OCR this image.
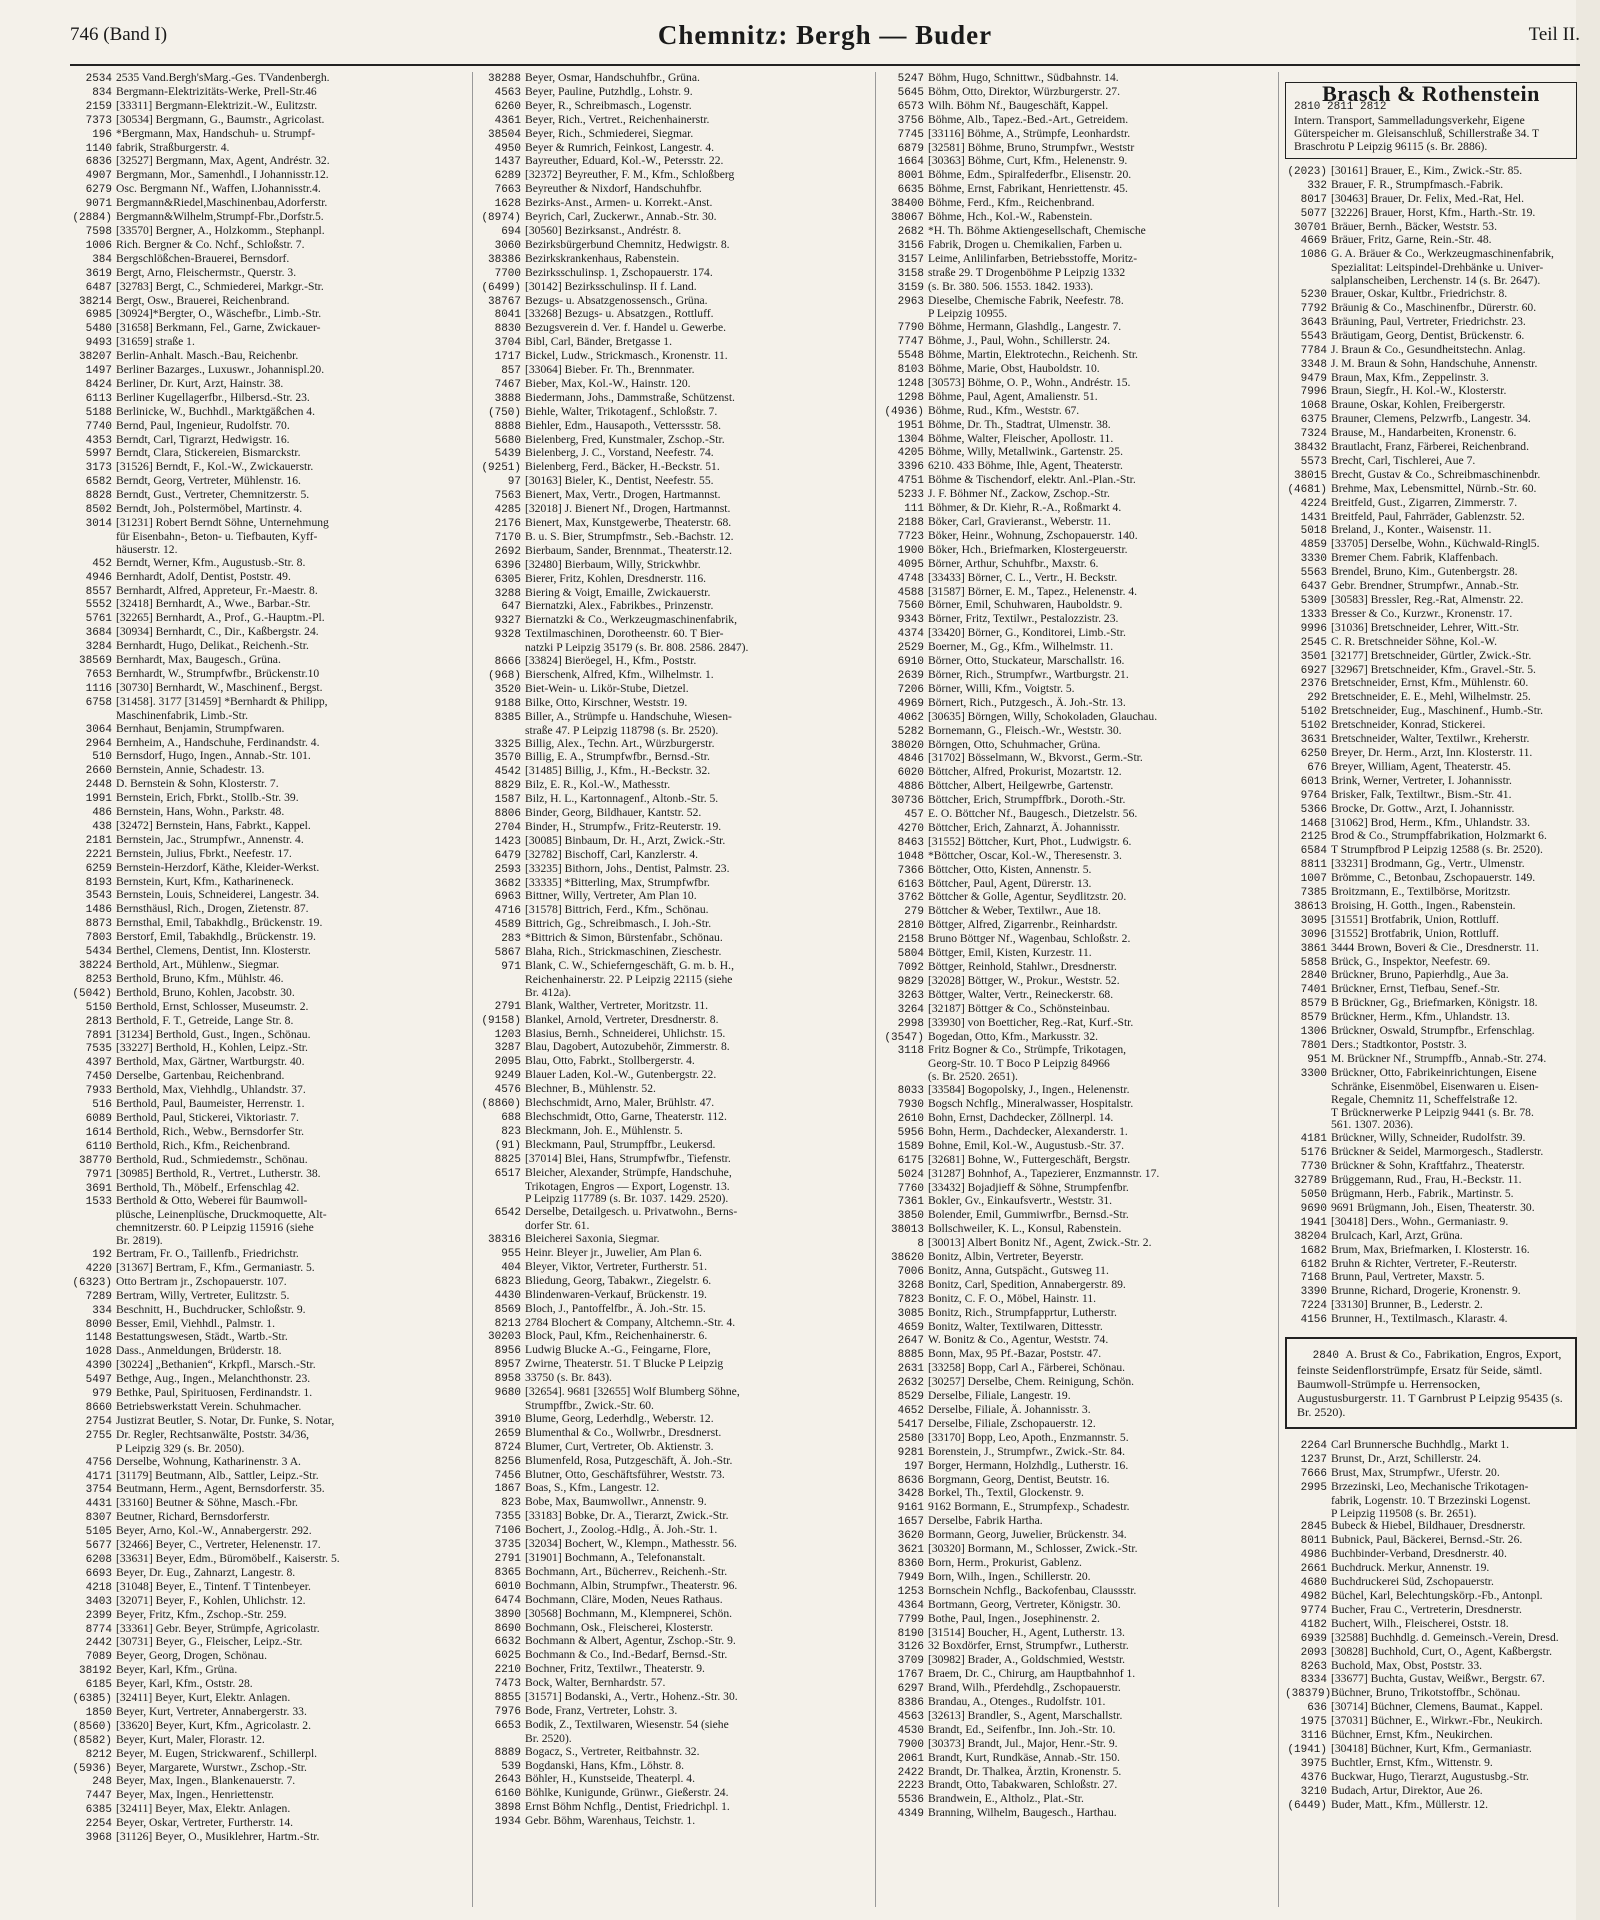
746 (Band I)	Chemnitz: Bergh — Buder	Teil II.
2534 2535 Vand.Bergh'sMarg.-Ges. TVandenbergh.
834 Bergmann-Elektrizitäts-Werke, Prell-Str.46
2159 [33311] Bergmann-Elektrizit.-W., Eulitzstr.
7373 [30534] Bergmann, G., Baumstr., Agricolast.
196 *Bergmann, Max, Handschuh- u. Strumpf-
1140 fabrik, Straßburgerstr. 4.
6836 [32527] Bergmann, Max, Agent, Andréstr. 32.
4907 Bergmann, Mor., Samenhdl., I Johannisstr.12.
6279 Osc. Bergmann Nf., Waffen, I.Johannisstr.4.
9071 Bergmann&Riedel,Maschinenbau,Adorferstr.
(2884) Bergmann&Wilhelm,Strumpf-Fbr.,Dorfstr.5.
7598 [33570] Bergner, A., Holzkomm., Stephanpl.
1006 Rich. Bergner & Co. Nchf., Schloßstr. 7.
384 Bergschlößchen-Brauerei, Bernsdorf.
3619 Bergt, Arno, Fleischermstr., Querstr. 3.
6487 [32783] Bergt, C., Schmiederei, Markgr.-Str.
38214 Bergt, Osw., Brauerei, Reichenbrand.
6985 [30924]*Bergter, O., Wäschefbr., Limb.-Str.
5480 [31658] Berkmann, Fel., Garne, Zwickauer-
9493 [31659] straße 1.
38207 Berlin-Anhalt. Masch.-Bau, Reichenbr.
1497 Berliner Bazarges., Luxuswr., Johannispl.20.
8424 Berliner, Dr. Kurt, Arzt, Hainstr. 38.
6113 Berliner Kugellagerfbr., Hilbersd.-Str. 23.
5188 Berlinicke, W., Buchhdl., Marktgäßchen 4.
7740 Bernd, Paul, Ingenieur, Rudolfstr. 70.
4353 Berndt, Carl, Tigrarzt, Hedwigstr. 16.
5997 Berndt, Clara, Stickereien, Bismarckstr.
3173 [31526] Berndt, F., Kol.-W., Zwickauerstr.
6582 Berndt, Georg, Vertreter, Mühlenstr. 16.
8828 Berndt, Gust., Vertreter, Chemnitzerstr. 5.
8502 Berndt, Joh., Polstermöbel, Martinstr. 4.
3014 [31231] Robert Berndt Söhne, Unternehmung
für Eisenbahn-, Beton- u. Tiefbauten, Kyff-
häuserstr. 12.
452 Berndt, Werner, Kfm., Augustusb.-Str. 8.
4946 Bernhardt, Adolf, Dentist, Poststr. 49.
8557 Bernhardt, Alfred, Appreteur, Fr.-Maestr. 8.
5552 [32418] Bernhardt, A., Wwe., Barbar.-Str.
5761 [32265] Bernhardt, A., Prof., G.-Hauptm.-Pl.
3684 [30934] Bernhardt, C., Dir., Kaßbergstr. 24.
3284 Bernhardt, Hugo, Delikat., Reichenh.-Str.
38569 Bernhardt, Max, Baugesch., Grüna.
7653 Bernhardt, W., Strumpfwfbr., Brückenstr.10
1116 [30730] Bernhardt, W., Maschinenf., Bergst.
6758 [31458]. 3177 [31459] *Bernhardt & Philipp,
Maschinenfabrik, Limb.-Str.
3064 Bernhaut, Benjamin, Strumpfwaren.
2964 Bernheim, A., Handschuhe, Ferdinandstr. 4.
510 Bernsdorf, Hugo, Ingen., Annab.-Str. 101.
2660 Bernstein, Annie, Schadestr. 13.
2448 D. Bernstein & Sohn, Klosterstr. 7.
1991 Bernstein, Erich, Fbrkt., Stollb.-Str. 39.
486 Bernstein, Hans, Wohn., Parkstr. 48.
438 [32472] Bernstein, Hans, Fabrkt., Kappel.
2181 Bernstein, Jac., Strumpfwr., Annenstr. 4.
2221 Bernstein, Julius, Fbrkt., Neefestr. 17.
6259 Bernstein-Herzdorf, Käthe, Kleider-Werkst.
8193 Bernstein, Kurt, Kfm., Katharineneck.
3543 Bernstein, Louis, Schneiderei, Langestr. 34.
1486 Bernsthäusl, Rich., Drogen, Zietenstr. 87.
8873 Bernsthal, Emil, Tabakhdlg., Brückenstr. 19.
7803 Berstorf, Emil, Tabakhdlg., Brückenstr. 19.
5434 Berthel, Clemens, Dentist, Inn. Klosterstr.
38224 Berthold, Art., Mühlenw., Siegmar.
8253 Berthold, Bruno, Kfm., Mühlstr. 46.
(5042) Berthold, Bruno, Kohlen, Jacobstr. 30.
5150 Berthold, Ernst, Schlosser, Museumstr. 2.
2813 Berthold, F. T., Getreide, Lange Str. 8.
7891 [31234] Berthold, Gust., Ingen., Schönau.
7535 [33227] Berthold, H., Kohlen, Leipz.-Str.
4397 Berthold, Max, Gärtner, Wartburgstr. 40.
7450 Derselbe, Gartenbau, Reichenbrand.
7933 Berthold, Max, Viehhdlg., Uhlandstr. 37.
516 Berthold, Paul, Baumeister, Herrenstr. 1.
6089 Berthold, Paul, Stickerei, Viktoriastr. 7.
1614 Berthold, Rich., Webw., Bernsdorfer Str.
6110 Berthold, Rich., Kfm., Reichenbrand.
38770 Berthold, Rud., Schmiedemstr., Schönau.
7971 [30985] Berthold, R., Vertret., Lutherstr. 38.
3691 Berthold, Th., Möbelf., Erfenschlag 42.
1533 Berthold & Otto, Weberei für Baumwoll-
plüsche, Leinenplüsche, Druckmoquette, Alt-
chemnitzerstr. 60. P Leipzig 115916 (siehe
Br. 2819).
192 Bertram, Fr. O., Taillenfb., Friedrichstr.
4220 [31367] Bertram, F., Kfm., Germaniastr. 5.
(6323) Otto Bertram jr., Zschopauerstr. 107.
7289 Bertram, Willy, Vertreter, Eulitzstr. 5.
334 Beschnitt, H., Buchdrucker, Schloßstr. 9.
8090 Besser, Emil, Viehhdl., Palmstr. 1.
1148 Bestattungswesen, Städt., Wartb.-Str.
1028 Dass., Anmeldungen, Brüderstr. 18.
4390 [30224] „Bethanien“, Krkpfl., Marsch.-Str.
5497 Bethge, Aug., Ingen., Melanchthonstr. 23.
979 Bethke, Paul, Spirituosen, Ferdinandstr. 1.
8660 Betriebswerkstatt Verein. Schuhmacher.
2754 Justizrat Beutler, S. Notar, Dr. Funke, S. Notar,
2755 Dr. Regler, Rechtsanwälte, Poststr. 34/36,
P Leipzig 329 (s. Br. 2050).
4756 Derselbe, Wohnung, Katharinenstr. 3 A.
4171 [31179] Beutmann, Alb., Sattler, Leipz.-Str.
3754 Beutmann, Herm., Agent, Bernsdorferstr. 35.
4431 [33160] Beutner & Söhne, Masch.-Fbr.
8307 Beutner, Richard, Bernsdorferstr.
5105 Beyer, Arno, Kol.-W., Annabergerstr. 292.
5677 [32466] Beyer, C., Vertreter, Helenenstr. 17.
6208 [33631] Beyer, Edm., Büromöbelf., Kaiserstr. 5.
6693 Beyer, Dr. Eug., Zahnarzt, Langestr. 8.
4218 [31048] Beyer, E., Tintenf. T Tintenbeyer.
3403 [32071] Beyer, F., Kohlen, Uhlichstr. 12.
2399 Beyer, Fritz, Kfm., Zschop.-Str. 259.
8774 [33361] Gebr. Beyer, Strümpfe, Agricolastr.
2442 [30731] Beyer, G., Fleischer, Leipz.-Str.
7089 Beyer, Georg, Drogen, Schönau.
38192 Beyer, Karl, Kfm., Grüna.
6185 Beyer, Karl, Kfm., Oststr. 28.
(6385) [32411] Beyer, Kurt, Elektr. Anlagen.
1850 Beyer, Kurt, Vertreter, Annabergerstr. 33.
(8560) [33620] Beyer, Kurt, Kfm., Agricolastr. 2.
(8582) Beyer, Kurt, Maler, Florastr. 12.
8212 Beyer, M. Eugen, Strickwarenf., Schillerpl.
(5936) Beyer, Margarete, Wurstwr., Zschop.-Str.
248 Beyer, Max, Ingen., Blankenauerstr. 7.
7447 Beyer, Max, Ingen., Henriettenstr.
6385 [32411] Beyer, Max, Elektr. Anlagen.
2254 Beyer, Oskar, Vertreter, Furtherstr. 14.
3968 [31126] Beyer, O., Musiklehrer, Hartm.-Str.
38288 Beyer, Osmar, Handschuhfbr., Grüna.
4563 Beyer, Pauline, Putzhdlg., Lohstr. 9.
6260 Beyer, R., Schreibmasch., Logenstr.
4361 Beyer, Rich., Vertret., Reichenhainerstr.
38504 Beyer, Rich., Schmiederei, Siegmar.
4950 Beyer & Rumrich, Feinkost, Langestr. 4.
1437 Bayreuther, Eduard, Kol.-W., Petersstr. 22.
6289 [32372] Beyreuther, F. M., Kfm., Schloßberg
7663 Beyreuther & Nixdorf, Handschuhfbr.
1628 Bezirks-Anst., Armen- u. Korrekt.-Anst.
(8974) Beyrich, Carl, Zuckerwr., Annab.-Str. 30.
694 [30560] Bezirksanst., Andréstr. 8.
3060 Bezirksbürgerbund Chemnitz, Hedwigstr. 8.
38386 Bezirkskrankenhaus, Rabenstein.
7700 Bezirksschulinsp. 1, Zschopauerstr. 174.
(6499) [30142] Bezirksschulinsp. II f. Land.
38767 Bezugs- u. Absatzgenossensch., Grüna.
8041 [33268] Bezugs- u. Absatzgen., Rottluff.
8830 Bezugsverein d. Ver. f. Handel u. Gewerbe.
3704 Bibl, Carl, Bänder, Bretgasse 1.
1717 Bickel, Ludw., Strickmasch., Kronenstr. 11.
857 [33064] Bieber. Fr. Th., Brennmater.
7467 Bieber, Max, Kol.-W., Hainstr. 120.
3888 Biedermann, Johs., Dammstraße, Schützenst.
(750) Biehle, Walter, Trikotagenf., Schloßstr. 7.
8888 Biehler, Edm., Hausapoth., Vetterssstr. 58.
5680 Bielenberg, Fred, Kunstmaler, Zschop.-Str.
5439 Bielenberg, J. C., Vorstand, Neefestr. 74.
(9251) Bielenberg, Ferd., Bäcker, H.-Beckstr. 51.
97 [30163] Bieler, K., Dentist, Neefestr. 55.
7563 Bienert, Max, Vertr., Drogen, Hartmannst.
4285 [32018] J. Bienert Nf., Drogen, Hartmannst.
2176 Bienert, Max, Kunstgewerbe, Theaterstr. 68.
7170 B. u. S. Bier, Strumpfmstr., Seb.-Bachstr. 12.
2692 Bierbaum, Sander, Brennmat., Theaterstr.12.
6396 [32480] Bierbaum, Willy, Strickwhbr.
6305 Bierer, Fritz, Kohlen, Dresdnerstr. 116.
3288 Biering & Voigt, Emaille, Zwickauerstr.
647 Biernatzki, Alex., Fabrikbes., Prinzenstr.
9327 Biernatzki & Co., Werkzeugmaschinenfabrik,
9328 Textilmaschinen, Dorotheenstr. 60. T Bier-
natzki P Leipzig 35179 (s. Br. 808. 2586. 2847).
8666 [33824] Bieröegel, H., Kfm., Poststr.
(968) Bierschenk, Alfred, Kfm., Wilhelmstr. 1.
3520 Biet-Wein- u. Likör-Stube, Dietzel.
9188 Bilke, Otto, Kirschner, Weststr. 19.
8385 Biller, A., Strümpfe u. Handschuhe, Wiesen-
straße 47. P Leipzig 118798 (s. Br. 2520).
3325 Billig, Alex., Techn. Art., Würzburgerstr.
3570 Billig, E. A., Strumpfwfbr., Bernsd.-Str.
4542 [31485] Billig, J., Kfm., H.-Beckstr. 32.
8829 Bilz, E. R., Kol.-W., Mathesstr.
1587 Bilz, H. L., Kartonnagenf., Altonb.-Str. 5.
8806 Binder, Georg, Bildhauer, Kantstr. 52.
2704 Binder, H., Strumpfw., Fritz-Reuterstr. 19.
1423 [30085] Binbaum, Dr. H., Arzt, Zwick.-Str.
6479 [32782] Bischoff, Carl, Kanzlerstr. 4.
2593 [33235] Bithorn, Johs., Dentist, Palmstr. 23.
3682 [33335] *Bitterling, Max, Strumpfwfbr.
6963 Bittner, Willy, Vertreter, Am Plan 10.
4716 [31578] Bittrich, Ferd., Kfm., Schönau.
4589 Bittrich, Gg., Schreibmasch., I. Joh.-Str.
283 *Bittrich & Simon, Bürstenfabr., Schönau.
5867 Blaha, Rich., Strickmaschinen, Zieschestr.
971 Blank, C. W., Schieferngeschäft, G. m. b. H.,
Reichenhainerstr. 22. P Leipzig 22115 (siehe
Br. 412a).
2791 Blank, Walther, Vertreter, Moritzstr. 11.
(9158) Blankel, Arnold, Vertreter, Dresdnerstr. 8.
1203 Blasius, Bernh., Schneiderei, Uhlichstr. 15.
3287 Blau, Dagobert, Autozubehör, Zimmerstr. 8.
2095 Blau, Otto, Fabrkt., Stollbergerstr. 4.
9249 Blauer Laden, Kol.-W., Gutenbergstr. 22.
4576 Blechner, B., Mühlenstr. 52.
(8860) Blechschmidt, Arno, Maler, Brühlstr. 47.
688 Blechschmidt, Otto, Garne, Theaterstr. 112.
823 Bleckmann, Joh. E., Mühlenstr. 5.
(91) Bleckmann, Paul, Strumpffbr., Leukersd.
8825 [37014] Blei, Hans, Strumpfwfbr., Tiefenstr.
6517 Bleicher, Alexander, Strümpfe, Handschuhe,
Trikotagen, Engros — Export, Logenstr. 13.
P Leipzig 117789 (s. Br. 1037. 1429. 2520).
6542 Derselbe, Detailgesch. u. Privatwohn., Berns-
dorfer Str. 61.
38316 Bleicherei Saxonia, Siegmar.
955 Heinr. Bleyer jr., Juwelier, Am Plan 6.
404 Bleyer, Viktor, Vertreter, Furtherstr. 51.
6823 Bliedung, Georg, Tabakwr., Ziegelstr. 6.
4430 Blindenwaren-Verkauf, Brückenstr. 19.
8569 Bloch, J., Pantoffelfbr., Ä. Joh.-Str. 15.
8213 2784 Blochert & Company, Altchemn.-Str. 4.
30203 Block, Paul, Kfm., Reichenhainerstr. 6.
8956 Ludwig Blucke A.-G., Feingarne, Flore,
8957 Zwirne, Theaterstr. 51. T Blucke P Leipzig
8958 33750 (s. Br. 843).
9680 [32654]. 9681 [32655] Wolf Blumberg Söhne,
Strumpffbr., Zwick.-Str. 60.
3910 Blume, Georg, Lederhdlg., Weberstr. 12.
2659 Blumenthal & Co., Wollwrbr., Dresdnerst.
8724 Blumer, Curt, Vertreter, Ob. Aktienstr. 3.
8256 Blumenfeld, Rosa, Putzgeschäft, Ä. Joh.-Str.
7456 Blutner, Otto, Geschäftsführer, Weststr. 73.
1867 Boas, S., Kfm., Langestr. 12.
823 Bobe, Max, Baumwollwr., Annenstr. 9.
7355 [33183] Bobke, Dr. A., Tierarzt, Zwick.-Str.
7106 Bochert, J., Zoolog.-Hdlg., Ä. Joh.-Str. 1.
3735 [32034] Bochert, W., Klempn., Mathesstr. 56.
2791 [31901] Bochmann, A., Telefonanstalt.
8365 Bochmann, Art., Bücherrev., Reichenh.-Str.
6010 Bochmann, Albin, Strumpfwr., Theaterstr. 96.
6474 Bochmann, Cläre, Moden, Neues Rathaus.
3890 [30568] Bochmann, M., Klempnerei, Schön.
8690 Bochmann, Osk., Fleischerei, Klosterstr.
6632 Bochmann & Albert, Agentur, Zschop.-Str. 9.
6025 Bochmann & Co., Ind.-Bedarf, Bernsd.-Str.
2210 Bochner, Fritz, Textilwr., Theaterstr. 9.
7473 Bock, Walter, Bernhardstr. 57.
8855 [31571] Bodanski, A., Vertr., Hohenz.-Str. 30.
7976 Bode, Franz, Vertreter, Lohstr. 3.
6653 Bodik, Z., Textilwaren, Wiesenstr. 54 (siehe
Br. 2520).
8889 Bogacz, S., Vertreter, Reitbahnstr. 32.
539 Bogdanski, Hans, Kfm., Löhstr. 8.
2643 Böhler, H., Kunstseide, Theaterpl. 4.
6160 Böhlke, Kunigunde, Grünwr., Gießerstr. 24.
3898 Ernst Böhm Nchflg., Dentist, Friedrichpl. 1.
1934 Gebr. Böhm, Warenhaus, Teichstr. 1.
5247 Böhm, Hugo, Schnittwr., Südbahnstr. 14.
5645 Böhm, Otto, Direktor, Würzburgerstr. 27.
6573 Wilh. Böhm Nf., Baugeschäft, Kappel.
3756 Böhme, Alb., Tapez.-Bed.-Art., Getreidem.
7745 [33116] Böhme, A., Strümpfe, Leonhardstr.
6879 [32581] Böhme, Bruno, Strumpfwr., Weststr
1664 [30363] Böhme, Curt, Kfm., Helenenstr. 9.
8001 Böhme, Edm., Spiralfederfbr., Elisenstr. 20.
6635 Böhme, Ernst, Fabrikant, Henriettenstr. 45.
38400 Böhme, Ferd., Kfm., Reichenbrand.
38067 Böhme, Hch., Kol.-W., Rabenstein.
2682 *H. Th. Böhme Aktiengesellschaft, Chemische
3156 Fabrik, Drogen u. Chemikalien, Farben u.
3157 Leime, Anlilinfarben, Betriebsstoffe, Moritz-
3158 straße 29. T Drogenböhme P Leipzig 1332
3159 (s. Br. 380. 506. 1553. 1842. 1933).
2963 Dieselbe, Chemische Fabrik, Neefestr. 78.
P Leipzig 10955.
7790 Böhme, Hermann, Glashdlg., Langestr. 7.
7747 Böhme, J., Paul, Wohn., Schillerstr. 24.
5548 Böhme, Martin, Elektrotechn., Reichenh. Str.
8103 Böhme, Marie, Obst, Hauboldstr. 10.
1248 [30573] Böhme, O. P., Wohn., Andréstr. 15.
1298 Böhme, Paul, Agent, Amalienstr. 51.
(4936) Böhme, Rud., Kfm., Weststr. 67.
1951 Böhme, Dr. Th., Stadtrat, Ulmenstr. 38.
1304 Böhme, Walter, Fleischer, Apollostr. 11.
4205 Böhme, Willy, Metallwink., Gartenstr. 25.
3396 6210. 433 Böhme, Ihle, Agent, Theaterstr.
4751 Böhme & Tischendorf, elektr. Anl.-Plan.-Str.
5233 J. F. Böhmer Nf., Zackow, Zschop.-Str.
111 Böhmer, & Dr. Kiehr, R.-A., Roßmarkt 4.
2188 Böker, Carl, Gravieranst., Weberstr. 11.
7723 Böker, Heinr., Wohnung, Zschopauerstr. 140.
1900 Böker, Hch., Briefmarken, Klostergeuerstr.
4095 Börner, Arthur, Schuhfbr., Maxstr. 6.
4748 [33433] Börner, C. L., Vertr., H. Beckstr.
4588 [31587] Börner, E. M., Tapez., Helenenstr. 4.
7560 Börner, Emil, Schuhwaren, Hauboldstr. 9.
9343 Börner, Fritz, Textilwr., Pestalozzistr. 23.
4374 [33420] Börner, G., Konditorei, Limb.-Str.
2529 Boerner, M., Gg., Kfm., Wilhelmstr. 11.
6910 Börner, Otto, Stuckateur, Marschallstr. 16.
2639 Börner, Rich., Strumpfwr., Wartburgstr. 21.
7206 Börner, Willi, Kfm., Voigtstr. 5.
4969 Börnert, Rich., Putzgesch., Ä. Joh.-Str. 13.
4062 [30635] Börngen, Willy, Schokoladen, Glauchau.
5282 Bornemann, G., Fleisch.-Wr., Weststr. 30.
38020 Börngen, Otto, Schuhmacher, Grüna.
4846 [31702] Bösselmann, W., Bkvorst., Germ.-Str.
6020 Böttcher, Alfred, Prokurist, Mozartstr. 12.
4886 Böttcher, Albert, Heilgewrbe, Gartenstr.
30736 Böttcher, Erich, Strumpffbrk., Doroth.-Str.
457 E. O. Böttcher Nf., Baugesch., Dietzelstr. 56.
4270 Böttcher, Erich, Zahnarzt, Ä. Johannisstr.
8463 [31552] Böttcher, Kurt, Phot., Ludwigstr. 6.
1048 *Böttcher, Oscar, Kol.-W., Theresenstr. 3.
7366 Böttcher, Otto, Kisten, Annenstr. 5.
6163 Böttcher, Paul, Agent, Dürerstr. 13.
3762 Böttcher & Golle, Agentur, Seydlitzstr. 20.
279 Böttcher & Weber, Textilwr., Aue 18.
2810 Böttger, Alfred, Zigarrenbr., Reinhardstr.
2158 Bruno Böttger Nf., Wagenbau, Schloßstr. 2.
5804 Böttger, Emil, Kisten, Kurzestr. 11.
7092 Böttger, Reinhold, Stahlwr., Dresdnerstr.
9829 [32028] Böttger, W., Prokur., Weststr. 52.
3263 Böttger, Walter, Vertr., Reineckerstr. 68.
3264 [32187] Böttger & Co., Schönsteinbau.
2998 [33930] von Boetticher, Reg.-Rat, Kurf.-Str.
(3547) Bogedan, Otto, Kfm., Markusstr. 32.
3118 Fritz Bogner & Co., Strümpfe, Trikotagen,
Georg-Str. 10. T Boco P Leipzig 84966
(s. Br. 2520. 2651).
8033 [33584] Bogopolsky, J., Ingen., Helenenstr.
7930 Bogsch Nchflg., Mineralwasser, Hospitalstr.
2610 Bohn, Ernst, Dachdecker, Zöllnerpl. 14.
5956 Bohn, Herm., Dachdecker, Alexanderstr. 1.
1589 Bohne, Emil, Kol.-W., Augustusb.-Str. 37.
6175 [32681] Bohne, W., Futtergeschäft, Bergstr.
5024 [31287] Bohnhof, A., Tapezierer, Enzmannstr. 17.
7760 [33432] Bojadjieff & Söhne, Strumpfenfbr.
7361 Bokler, Gv., Einkaufsvertr., Weststr. 31.
3850 Bolender, Emil, Gummiwrfbr., Bernsd.-Str.
38013 Bollschweiler, K. L., Konsul, Rabenstein.
8 [30013] Albert Bonitz Nf., Agent, Zwick.-Str. 2.
38620 Bonitz, Albin, Vertreter, Beyerstr.
7006 Bonitz, Anna, Gutspächt., Gutsweg 11.
3268 Bonitz, Carl, Spedition, Annabergerstr. 89.
7823 Bonitz, C. F. O., Möbel, Hainstr. 11.
3085 Bonitz, Rich., Strumpfapprtur, Lutherstr.
4659 Bonitz, Walter, Textilwaren, Dittesstr.
2647 W. Bonitz & Co., Agentur, Weststr. 74.
8885 Bonn, Max, 95 Pf.-Bazar, Poststr. 47.
2631 [33258] Bopp, Carl A., Färberei, Schönau.
2632 [30257] Derselbe, Chem. Reinigung, Schön.
8529 Derselbe, Filiale, Langestr. 19.
4652 Derselbe, Filiale, Ä. Johannisstr. 3.
5417 Derselbe, Filiale, Zschopauerstr. 12.
2580 [33170] Bopp, Leo, Apoth., Enzmannstr. 5.
9281 Borenstein, J., Strumpfwr., Zwick.-Str. 84.
197 Borger, Hermann, Holzhdlg., Lutherstr. 16.
8636 Borgmann, Georg, Dentist, Beutstr. 16.
3428 Borkel, Th., Textil, Glockenstr. 9.
9161 9162 Bormann, E., Strumpfexp., Schadestr.
1657 Derselbe, Fabrik Hartha.
3620 Bormann, Georg, Juwelier, Brückenstr. 34.
3621 [30320] Bormann, M., Schlosser, Zwick.-Str.
8360 Born, Herm., Prokurist, Gablenz.
7949 Born, Wilh., Ingen., Schillerstr. 20.
1253 Bornschein Nchflg., Backofenbau, Claussstr.
4364 Bortmann, Georg, Vertreter, Königstr. 30.
7799 Bothe, Paul, Ingen., Josephinenstr. 2.
8190 [31514] Boucher, H., Agent, Lutherstr. 13.
3126 32 Boxdörfer, Ernst, Strumpfwr., Lutherstr.
3709 [30982] Brader, A., Goldschmied, Weststr.
1767 Braem, Dr. C., Chirurg, am Hauptbahnhof 1.
6297 Brand, Wilh., Pferdehdlg., Zschopauerstr.
8386 Brandau, A., Otenges., Rudolfstr. 101.
4563 [32613] Brandler, S., Agent, Marschallstr.
4530 Brandt, Ed., Seifenfbr., Inn. Joh.-Str. 10.
7900 [30373] Brandt, Jul., Major, Henr.-Str. 9.
2061 Brandt, Kurt, Rundkäse, Annab.-Str. 150.
2422 Brandt, Dr. Thalkea, Ärztin, Kronenstr. 5.
2223 Brandt, Otto, Tabakwaren, Schloßstr. 27.
5536 Brandwein, E., Altholz., Plat.-Str.
4349 Branning, Wilhelm, Baugesch., Harthau.
Brasch & Rothenstein
2810 2811 2812
Intern. Transport, Sammelladungsverkehr, Eigene Güterspeicher m. Gleisanschluß, Schillerstraße 34. T Braschrotu P Leipzig 96115 (s. Br. 2886).
(2023) [30161] Brauer, E., Kim., Zwick.-Str. 85.
332 Brauer, F. R., Strumpfmasch.-Fabrik.
8017 [30463] Brauer, Dr. Felix, Med.-Rat, Hel.
5077 [32226] Brauer, Horst, Kfm., Harth.-Str. 19.
30701 Bräuer, Bernh., Bäcker, Weststr. 53.
4669 Bräuer, Fritz, Garne, Rein.-Str. 48.
1086 G. A. Bräuer & Co., Werkzeugmaschinenfabrik,
Spezialitat: Leitspindel-Drehbänke u. Univer-
salplanscheiben, Lerchenstr. 14 (s. Br. 2647).
5230 Brauer, Oskar, Kultbr., Friedrichstr. 8.
7792 Bräunig & Co., Maschinenfbr., Dürerstr. 60.
3643 Bräuning, Paul, Vertreter, Friedrichstr. 23.
5543 Bräutigam, Georg, Dentist, Brückenstr. 6.
7784 J. Braun & Co., Gesundheitstechn. Anlag.
3348 J. M. Braun & Sohn, Handschuhe, Annenstr.
9479 Braun, Max, Kfm., Zeppelinstr. 3.
7996 Braun, Siegfr., H. Kol.-W., Klosterstr.
1068 Braune, Oskar, Kohlen, Freibergerstr.
6375 Brauner, Clemens, Pelzwrfb., Langestr. 34.
7324 Brause, M., Handarbeiten, Kronenstr. 6.
38432 Brautlacht, Franz, Färberei, Reichenbrand.
5573 Brecht, Carl, Tischlerei, Aue 7.
38015 Brecht, Gustav & Co., Schreibmaschinenbdr.
(4681) Brehme, Max, Lebensmittel, Nürnb.-Str. 60.
4224 Breitfeld, Gust., Zigarren, Zimmerstr. 7.
1431 Breitfeld, Paul, Fahrräder, Gablenzstr. 52.
5018 Breland, J., Konter., Waisenstr. 11.
4859 [33705] Derselbe, Wohn., Küchwald-Ringl5.
3330 Bremer Chem. Fabrik, Klaffenbach.
5563 Brendel, Bruno, Kim., Gutenbergstr. 28.
6437 Gebr. Brendner, Strumpfwr., Annab.-Str.
5309 [30583] Bressler, Reg.-Rat, Almenstr. 22.
1333 Bresser & Co., Kurzwr., Kronenstr. 17.
9996 [31036] Bretschneider, Lehrer, Witt.-Str.
2545 C. R. Bretschneider Söhne, Kol.-W.
3501 [32177] Bretschneider, Gürtler, Zwick.-Str.
6927 [32967] Bretschneider, Kfm., Gravel.-Str. 5.
2376 Bretschneider, Ernst, Kfm., Mühlenstr. 60.
292 Bretschneider, E. E., Mehl, Wilhelmstr. 25.
5102 Bretschneider, Eug., Maschinenf., Humb.-Str.
5102 Bretschneider, Konrad, Stickerei.
3631 Bretschneider, Walter, Textilwr., Kreherstr.
6250 Breyer, Dr. Herm., Arzt, Inn. Klosterstr. 11.
676 Breyer, William, Agent, Theaterstr. 45.
6013 Brink, Werner, Vertreter, I. Johannisstr.
9764 Brisker, Falk, Textiltwr., Bism.-Str. 41.
5366 Brocke, Dr. Gottw., Arzt, I. Johannisstr.
1468 [31062] Brod, Herm., Kfm., Uhlandstr. 33.
2125 Brod & Co., Strumpffabrikation, Holzmarkt 6.
6584 T Strumpfbrod P Leipzig 12588 (s. Br. 2520).
8811 [33231] Brodmann, Gg., Vertr., Ulmenstr.
1007 Brömme, C., Betonbau, Zschopauerstr. 149.
7385 Broitzmann, E., Textilbörse, Moritzstr.
38613 Broising, H. Gotth., Ingen., Rabenstein.
3095 [31551] Brotfabrik, Union, Rottluff.
3096 [31552] Brotfabrik, Union, Rottluff.
3861 3444 Brown, Boveri & Cie., Dresdnerstr. 11.
5858 Brück, G., Inspektor, Neefestr. 69.
2840 Brückner, Bruno, Papierhdlg., Aue 3a.
7401 Brückner, Ernst, Tiefbau, Senef.-Str.
8579 B Brückner, Gg., Briefmarken, Königstr. 18.
8579 Brückner, Herm., Kfm., Uhlandstr. 13.
1306 Brückner, Oswald, Strumpfbr., Erfenschlag.
7801 Ders.; Stadtkontor, Poststr. 3.
951 M. Brückner Nf., Strumpffb., Annab.-Str. 274.
3300 Brückner, Otto, Fabrikeinrichtungen, Eisene
Schränke, Eisenmöbel, Eisenwaren u. Eisen-
Regale, Chemnitz 11, Scheffelstraße 12.
T Brücknerwerke P Leipzig 9441 (s. Br. 78.
561. 1307. 2036).
4181 Brückner, Willy, Schneider, Rudolfstr. 39.
5176 Brückner & Seidel, Marmorgesch., Stadlerstr.
7730 Brückner & Sohn, Kraftfahrz., Theaterstr.
32789 Brüggemann, Rud., Frau, H.-Beckstr. 11.
5050 Brügmann, Herb., Fabrik., Martinstr. 5.
9690 9691 Brügmann, Joh., Eisen, Theaterstr. 30.
1941 [30418] Ders., Wohn., Germaniastr. 9.
38204 Brulcach, Karl, Arzt, Grüna.
1682 Brum, Max, Briefmarken, I. Klosterstr. 16.
6182 Bruhn & Richter, Vertreter, F.-Reuterstr.
7168 Brunn, Paul, Vertreter, Maxstr. 5.
3390 Brunne, Richard, Drogerie, Kronenstr. 9.
7224 [33130] Brunner, B., Lederstr. 2.
4156 Brunner, H., Textilmasch., Klarastr. 4.
2840 A. Brust & Co., Fabrikation, Engros, Export, feinste Seidenflorstrümpfe, Ersatz für Seide, sämtl. Baumwoll-Strümpfe u. Herrensocken, Augustusburgerstr. 11. T Garnbrust P Leipzig 95435 (s. Br. 2520).
2264 Carl Brunnersche Buchhdlg., Markt 1.
1237 Brunst, Dr., Arzt, Schillerstr. 24.
7666 Brust, Max, Strumpfwr., Uferstr. 20.
2995 Brzezinski, Leo, Mechanische Trikotagen-
fabrik, Logenstr. 10. T Brzezinski Logenst.
P Leipzig 119508 (s. Br. 2651).
2845 Bubeck & Hiebel, Bildhauer, Dresdnerstr.
8011 Bubnick, Paul, Bäckerei, Bernsd.-Str. 26.
4986 Buchbinder-Verband, Dresdnerstr. 40.
2661 Buchdruck. Merkur, Annenstr. 19.
4680 Buchdruckerei Süd, Zschopauerstr.
4982 Büchel, Karl, Belechtungskörp.-Fb., Antonpl.
9774 Bucher, Frau C., Vertreterin, Dresdnerstr.
4182 Buchert, Wilh., Fleischerei, Oststr. 18.
6939 [32588] Buchhdlg. d. Gemeinsch.-Verein, Dresd.
2093 [30828] Buchhold, Curt, O., Agent, Kaßbergstr.
8263 Buchold, Max, Obst, Poststr. 33.
8334 [33677] Buchta, Gustav, Weißwr., Bergstr. 67.
(38379)Büchner, Bruno, Trikotstoffbr., Schönau.
636 [30714] Büchner, Clemens, Baumat., Kappel.
1975 [37031] Büchner, E., Wirkwr.-Fbr., Neukirch.
3116 Büchner, Ernst, Kfm., Neukirchen.
(1941) [30418] Büchner, Kurt, Kfm., Germaniastr.
3975 Buchtler, Ernst, Kfm., Wittenstr. 9.
4376 Buckwar, Hugo, Tierarzt, Augustusbg.-Str.
3210 Budach, Artur, Direktor, Aue 26.
(6449) Buder, Matt., Kfm., Müllerstr. 12.
